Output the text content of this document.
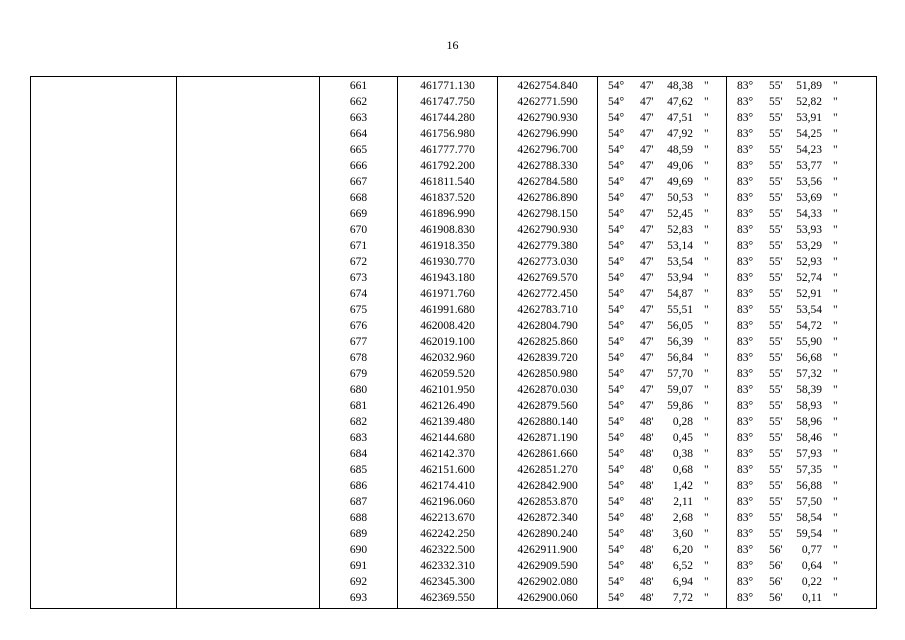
16
		661	461771.130	4262754.840	54° 47' 48,38 "	83° 55' 51,89 "

		662	461747.750	4262771.590	54° 47' 47,62 "	83° 55' 52,82 "

		663	461744.280	4262790.930	54° 47' 47,51 "	83° 55' 53,91 "

		664	461756.980	4262796.990	54° 47' 47,92 "	83° 55' 54,25 "

		665	461777.770	4262796.700	54° 47' 48,59 "	83° 55' 54,23 "

		666	461792.200	4262788.330	54° 47' 49,06 "	83° 55' 53,77 "

		667	461811.540	4262784.580	54° 47' 49,69 "	83° 55' 53,56 "

		668	461837.520	4262786.890	54° 47' 50,53 "	83° 55' 53,69 "

		669	461896.990	4262798.150	54° 47' 52,45 "	83° 55' 54,33 "

		670	461908.830	4262790.930	54° 47' 52,83 "	83° 55' 53,93 "

		671	461918.350	4262779.380	54° 47' 53,14 "	83° 55' 53,29 "

		672	461930.770	4262773.030	54° 47' 53,54 "	83° 55' 52,93 "

		673	461943.180	4262769.570	54° 47' 53,94 "	83° 55' 52,74 "

		674	461971.760	4262772.450	54° 47' 54,87 "	83° 55' 52,91 "

		675	461991.680	4262783.710	54° 47' 55,51 "	83° 55' 53,54 "

		676	462008.420	4262804.790	54° 47' 56,05 "	83° 55' 54,72 "

		677	462019.100	4262825.860	54° 47' 56,39 "	83° 55' 55,90 "

		678	462032.960	4262839.720	54° 47' 56,84 "	83° 55' 56,68 "

		679	462059.520	4262850.980	54° 47' 57,70 "	83° 55' 57,32 "

		680	462101.950	4262870.030	54° 47' 59,07 "	83° 55' 58,39 "

		681	462126.490	4262879.560	54° 47' 59,86 "	83° 55' 58,93 "

		682	462139.480	4262880.140	54° 48' 0,28 "	83° 55' 58,96 "

		683	462144.680	4262871.190	54° 48' 0,45 "	83° 55' 58,46 "

		684	462142.370	4262861.660	54° 48' 0,38 "	83° 55' 57,93 "

		685	462151.600	4262851.270	54° 48' 0,68 "	83° 55' 57,35 "

		686	462174.410	4262842.900	54° 48' 1,42 "	83° 55' 56,88 "

		687	462196.060	4262853.870	54° 48' 2,11 "	83° 55' 57,50 "

		688	462213.670	4262872.340	54° 48' 2,68 "	83° 55' 58,54 "

		689	462242.250	4262890.240	54° 48' 3,60 "	83° 55' 59,54 "

		690	462322.500	4262911.900	54° 48' 6,20 "	83° 56' 0,77 "

		691	462332.310	4262909.590	54° 48' 6,52 "	83° 56' 0,64 "

		692	462345.300	4262902.080	54° 48' 6,94 "	83° 56' 0,22 "

		693	462369.550	4262900.060	54° 48' 7,72 "	83° 56' 0,11 "
